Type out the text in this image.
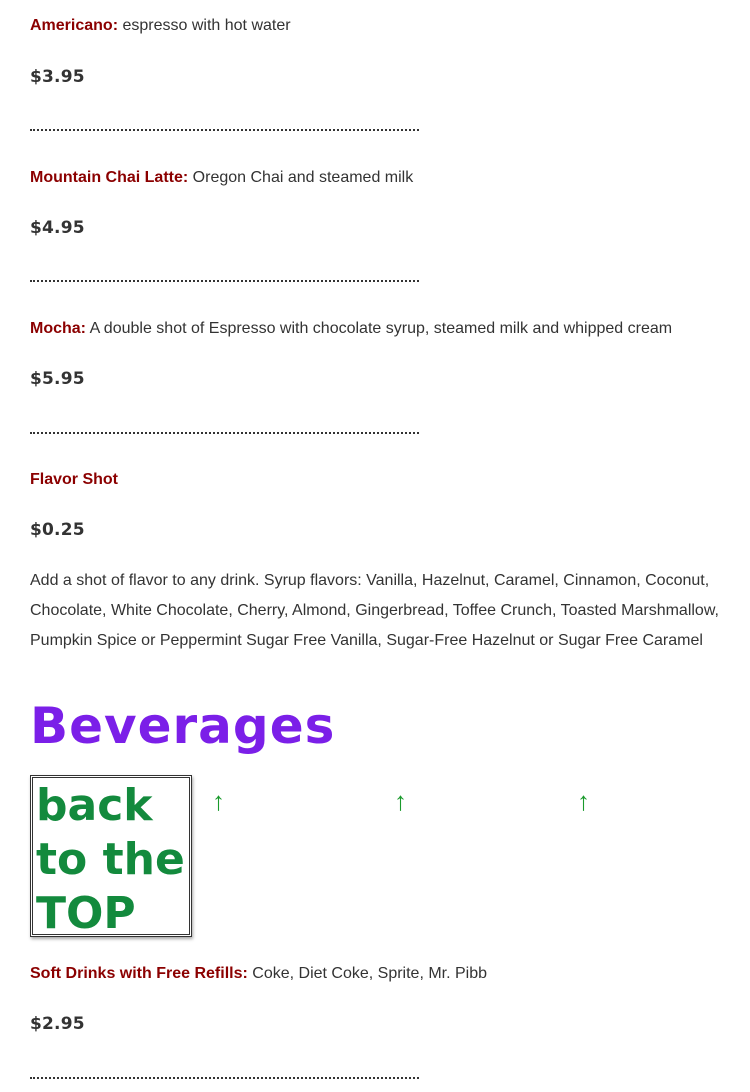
Americano: espresso with hot water
$3.95
Mountain Chai Latte: Oregon Chai and steamed milk
$4.95
Mocha: A double shot of Espresso with chocolate syrup, steamed milk and whipped cream
$5.95
Flavor Shot
$0.25
Add a shot of flavor to any drink. Syrup flavors: Vanilla, Hazelnut, Caramel, Cinnamon, Coconut, Chocolate, White Chocolate, Cherry, Almond, Gingerbread, Toffee Crunch, Toasted Marshmallow, Pumpkin Spice or Peppermint Sugar Free Vanilla, Sugar-Free Hazelnut or Sugar Free Caramel
Beverages
back
to the
TOP
↑	↑	↑
Soft Drinks with Free Refills: Coke, Diet Coke, Sprite, Mr. Pibb
$2.95
